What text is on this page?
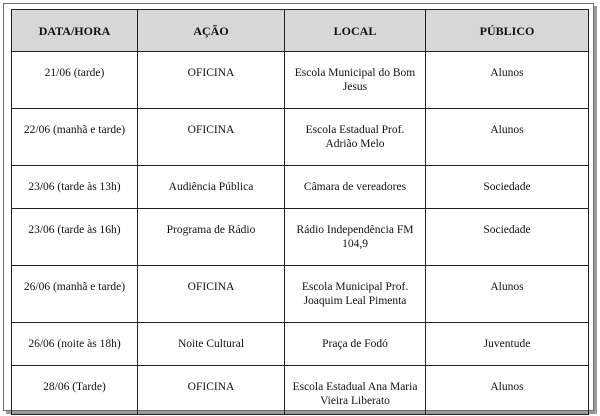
DATA/HORA	AÇÃO	LOCAL	PÚBLICO
21/06 (tarde)	OFICINA	Escola Municipal do Bom Jesus	Alunos
22/06 (manhã e tarde)	OFICINA	Escola Estadual Prof. Adrião Melo	Alunos
23/06 (tarde às 13h)	Audiência Pública	Câmara de vereadores	Sociedade
23/06 (tarde às 16h)	Programa de Rádio	Rádio Independência FM 104,9	Sociedade
26/06 (manhã e tarde)	OFICINA	Escola Municipal Prof. Joaquim Leal Pimenta	Alunos
26/06 (noite às 18h)	Noite Cultural	Praça de Fodó	Juventude
28/06 (Tarde)	OFICINA	Escola Estadual Ana Maria Vieira Liberato	Alunos
